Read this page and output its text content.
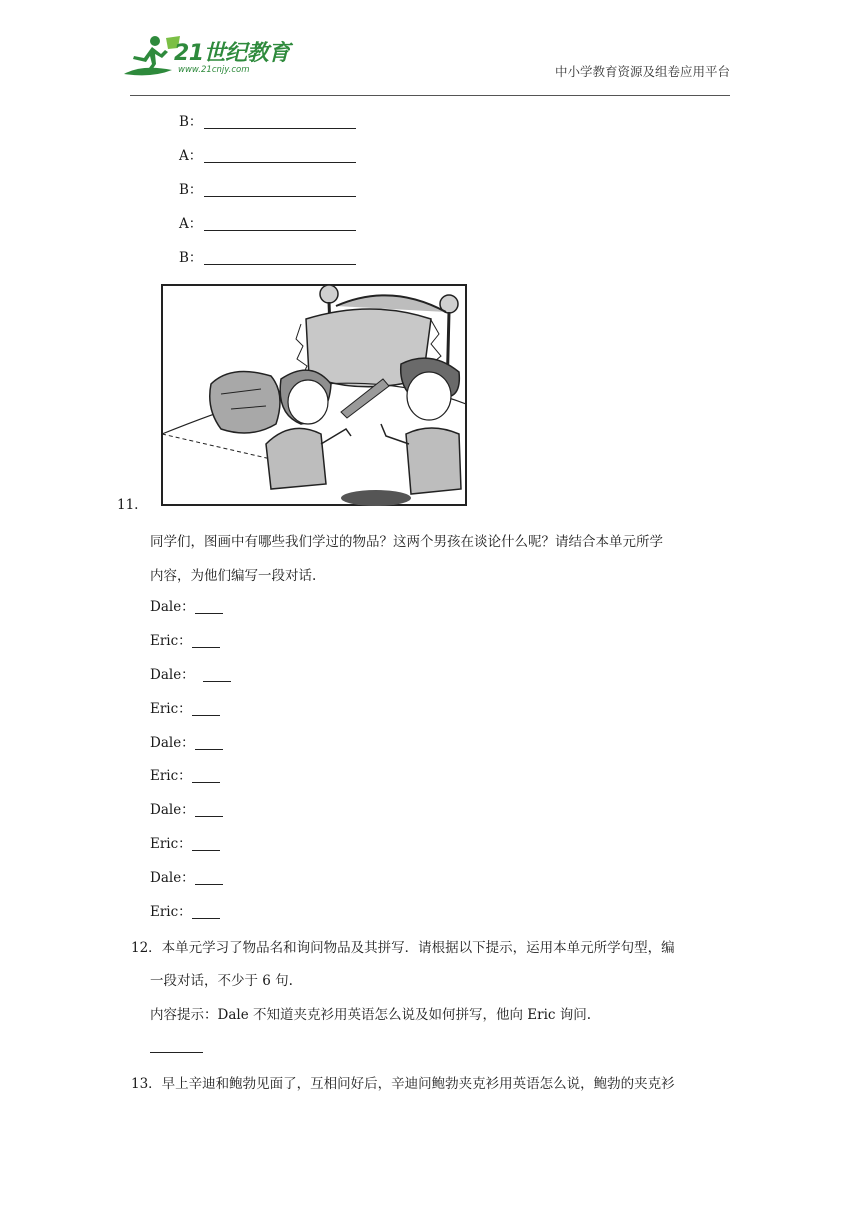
21世纪教育
www.21cnjy.com	中小学教育资源及组卷应用平台
B：
A：
B：
A：
B：
11.
同学们，图画中有哪些我们学过的物品？这两个男孩在谈论什么呢？请结合本单元所学
内容，为他们编写一段对话.
Dale：
Eric：
Dale：
Eric：
Dale：
Eric：
Dale：
Eric：
Dale：
Eric：
12．本单元学习了物品名和询问物品及其拼写．请根据以下提示，运用本单元所学句型，编
一段对话，不少于 6 句.
内容提示：Dale 不知道夹克衫用英语怎么说及如何拼写，他向 Eric 询问.
13．早上辛迪和鲍勃见面了，互相问好后，辛迪问鲍勃夹克衫用英语怎么说，鲍勃的夹克衫
